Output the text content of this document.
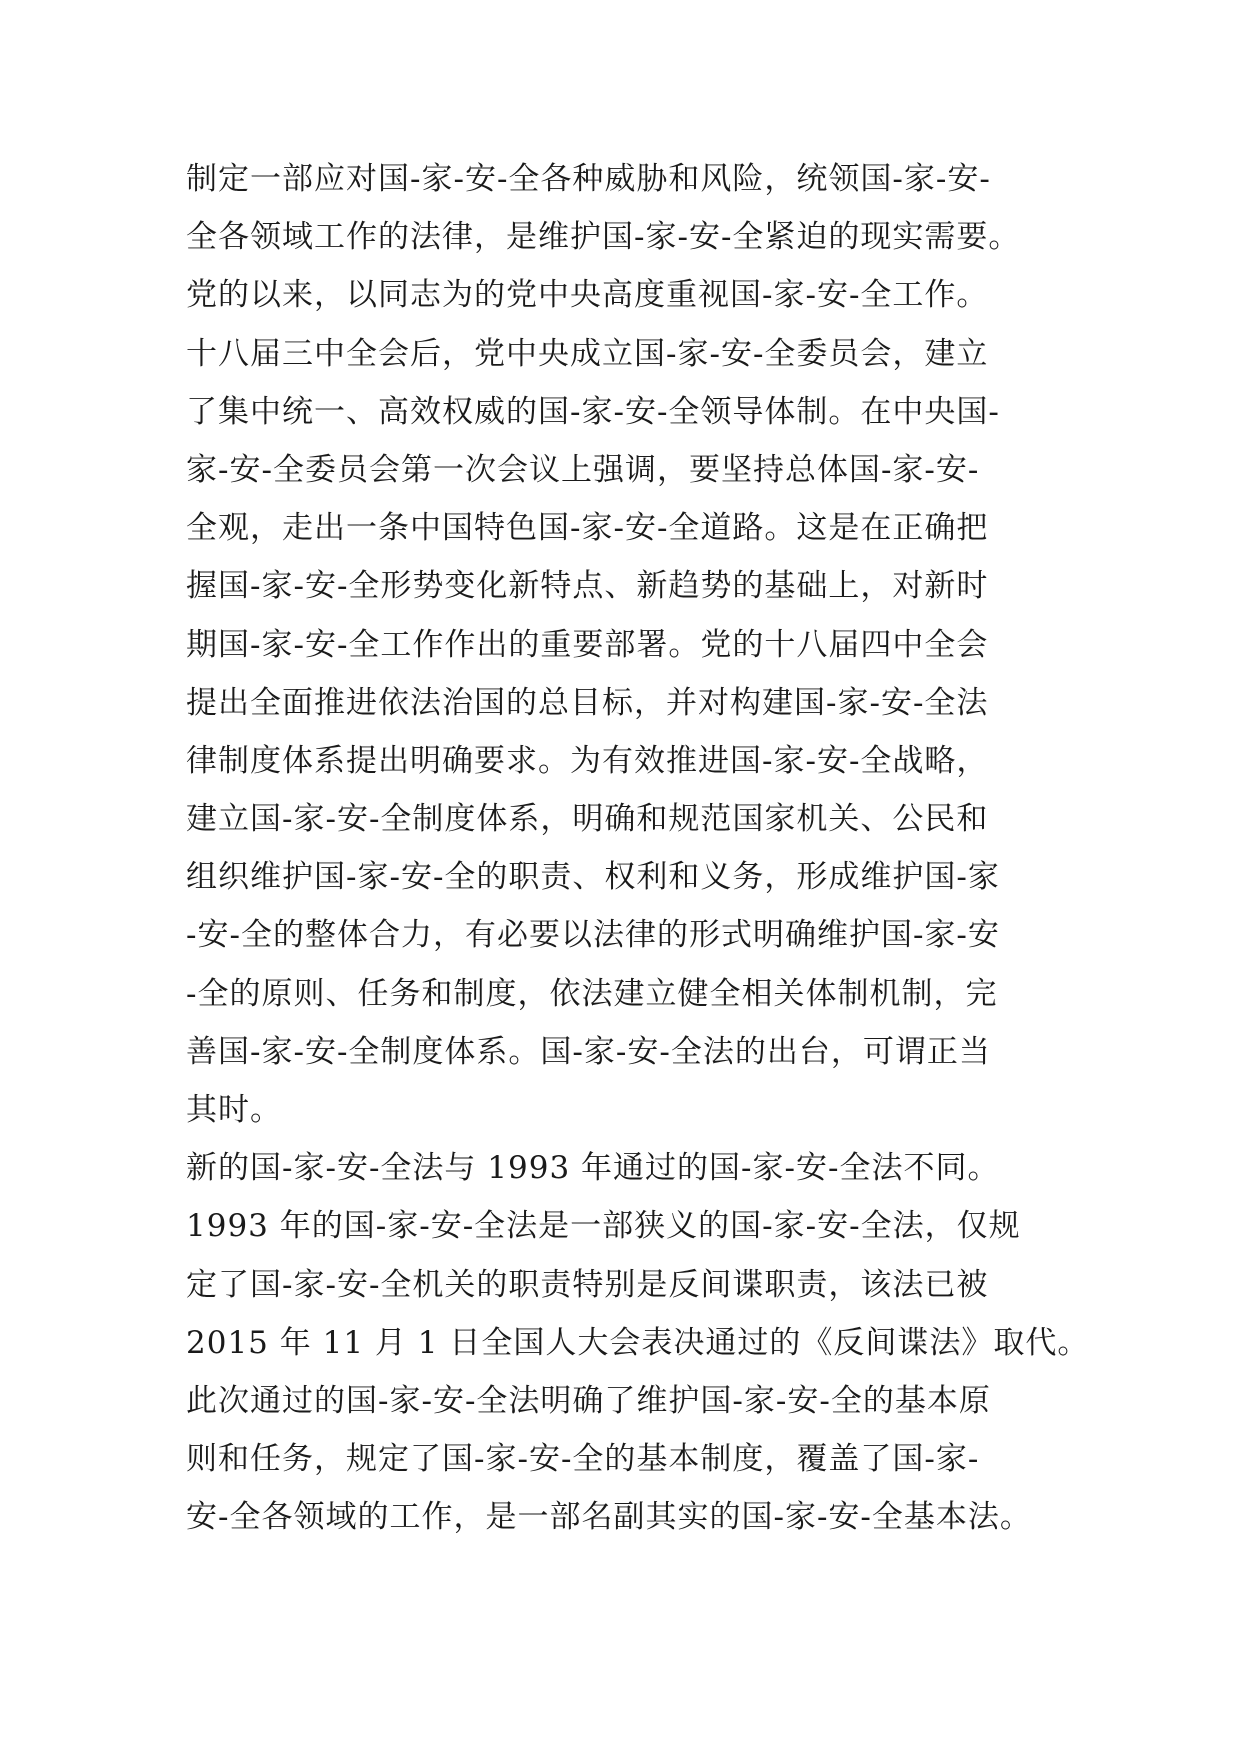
制定一部应对国-家-安-全各种威胁和风险，统领国-家-安-
全各领域工作的法律，是维护国-家-安-全紧迫的现实需要。
党的以来，以同志为的党中央高度重视国-家-安-全工作。
十八届三中全会后，党中央成立国-家-安-全委员会，建立
了集中统一、高效权威的国-家-安-全领导体制。在中央国-
家-安-全委员会第一次会议上强调，要坚持总体国-家-安-
全观，走出一条中国特色国-家-安-全道路。这是在正确把
握国-家-安-全形势变化新特点、新趋势的基础上，对新时
期国-家-安-全工作作出的重要部署。党的十八届四中全会
提出全面推进依法治国的总目标，并对构建国-家-安-全法
律制度体系提出明确要求。为有效推进国-家-安-全战略，
建立国-家-安-全制度体系，明确和规范国家机关、公民和
组织维护国-家-安-全的职责、权利和义务，形成维护国-家
-安-全的整体合力，有必要以法律的形式明确维护国-家-安
-全的原则、任务和制度，依法建立健全相关体制机制，完
善国-家-安-全制度体系。国-家-安-全法的出台，可谓正当
其时。
新的国-家-安-全法与 1993 年通过的国-家-安-全法不同。
1993 年的国-家-安-全法是一部狭义的国-家-安-全法，仅规
定了国-家-安-全机关的职责特别是反间谍职责，该法已被
2015 年 11 月 1 日全国人大会表决通过的《反间谍法》取代。
此次通过的国-家-安-全法明确了维护国-家-安-全的基本原
则和任务，规定了国-家-安-全的基本制度，覆盖了国-家-
安-全各领域的工作，是一部名副其实的国-家-安-全基本法。
